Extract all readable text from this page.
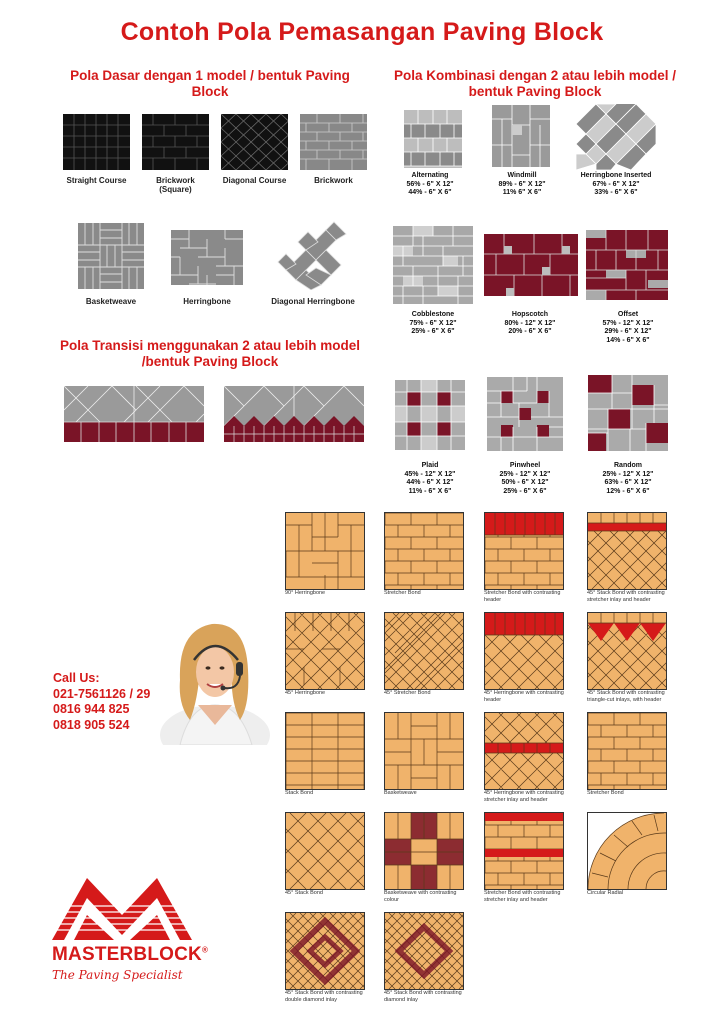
Contoh Pola Pemasangan Paving Block
Pola Dasar dengan 1 model / bentuk Paving Block
Pola Kombinasi dengan 2 atau lebih model / bentuk Paving Block
Pola Transisi menggunakan 2 atau lebih model /bentuk Paving Block
Straight Course	Brickwork
(Square)
Diagonal Course	Brickwork
Basketweave	Herringbone	Diagonal Herringbone
Alternating
56% - 6" X 12"
44% - 6" X 6"
Windmill
89% - 6" X 12"
11% 6" X 6"
Herringbone Inserted
67% - 6" X 12"
33% - 6" X 6"
Cobblestone
75% - 6" X 12"
25% - 6" X 6"
Hopscotch
80% - 12" X 12"
20% - 6" X 6"
Offset
57% - 12" X 12"
29% - 6" X 12"
14% - 6" X 6"
Plaid
45% - 12" X 12"
44% - 6" X 12"
11% - 6" X 6"
Pinwheel
25% - 12" X 12"
50% - 6" X 12"
25% - 6" X 6"
Random
25% - 12" X 12"
63% - 6" X 12"
12% - 6" X 6"
90° Herringbone	Stretcher Bond	Stretcher Bond with contrasting header
45° Stack Bond with contrasting stretcher inlay and header
45° Herringbone	45° Stretcher Bond	45° Herringbone with contrasting header
45° Stack Bond with contrasting triangle-cut inlays, with header
Stack Bond	Basketweave	45° Herringbone with contrasting stretcher inlay and header
Stretcher Bond
45° Stack Bond	Basketweave with contrasting colour
Stretcher Bond with contrasting stretcher inlay and header
Circular Radial
45° Stack Bond with contrasting double diamond inlay
45° Stack Bond with contrasting diamond inlay
Call Us:
021-7561126 / 29
0816 944 825
0818 905 524
MASTERBLOCK®
The Paving Specialist
